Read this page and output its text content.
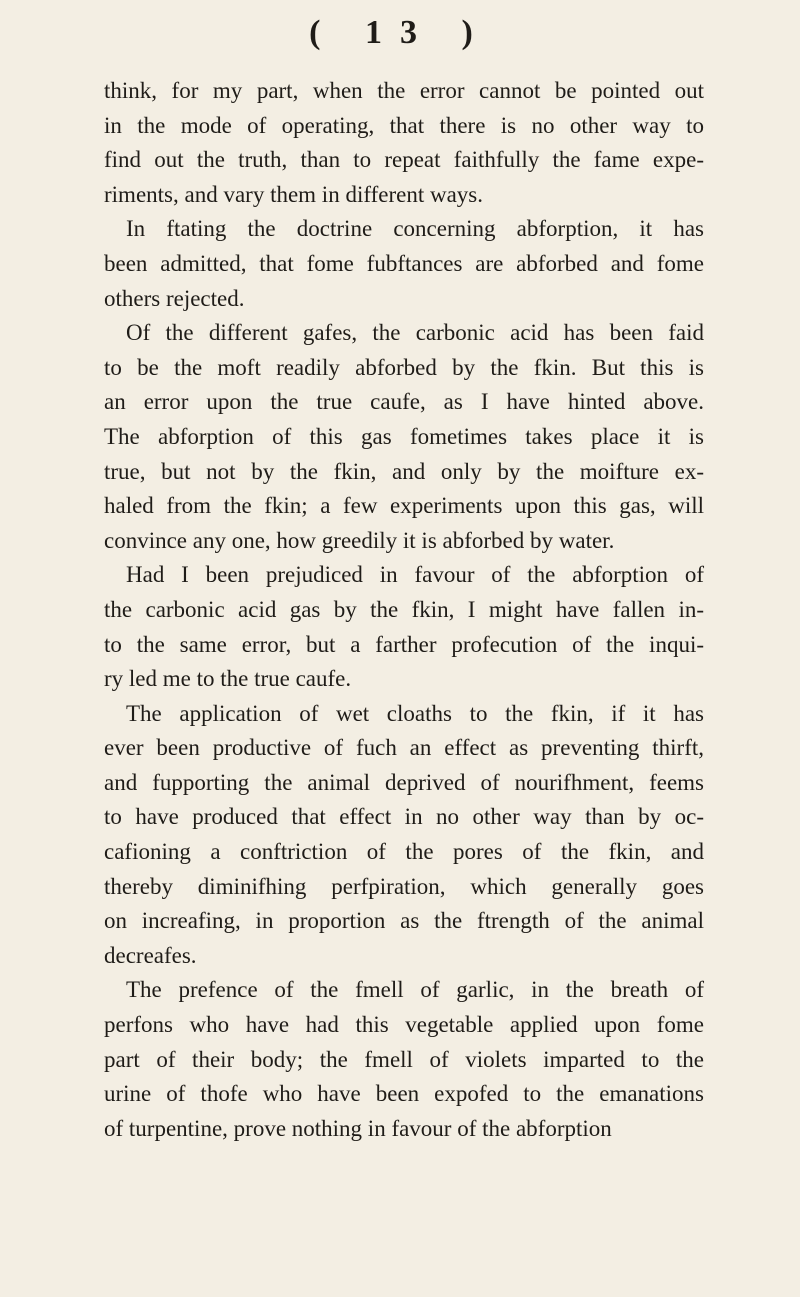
( 13 )
think, for my part, when the error cannot be pointed out
in the mode of operating, that there is no other way to
find out the truth, than to repeat faithfully the fame expe-
riments, and vary them in different ways.
In ftating the doctrine concerning abforption, it has
been admitted, that fome fubftances are abforbed and fome
others rejected.
Of the different gafes, the carbonic acid has been faid
to be the moft readily abforbed by the fkin. But this is
an error upon the true caufe, as I have hinted above.
The abforption of this gas fometimes takes place it is
true, but not by the fkin, and only by the moifture ex-
haled from the fkin; a few experiments upon this gas, will
convince any one, how greedily it is abforbed by water.
Had I been prejudiced in favour of the abforption of
the carbonic acid gas by the fkin, I might have fallen in-
to the same error, but a farther profecution of the inqui-
ry led me to the true caufe.
The application of wet cloaths to the fkin, if it has
ever been productive of fuch an effect as preventing thirft,
and fupporting the animal deprived of nourifhment, feems
to have produced that effect in no other way than by oc-
cafioning a conftriction of the pores of the fkin, and
thereby diminifhing perfpiration, which generally goes
on increafing, in proportion as the ftrength of the animal
decreafes.
The prefence of the fmell of garlic, in the breath of
perfons who have had this vegetable applied upon fome
part of their body; the fmell of violets imparted to the
urine of thofe who have been expofed to the emanations
of turpentine, prove nothing in favour of the abforption
